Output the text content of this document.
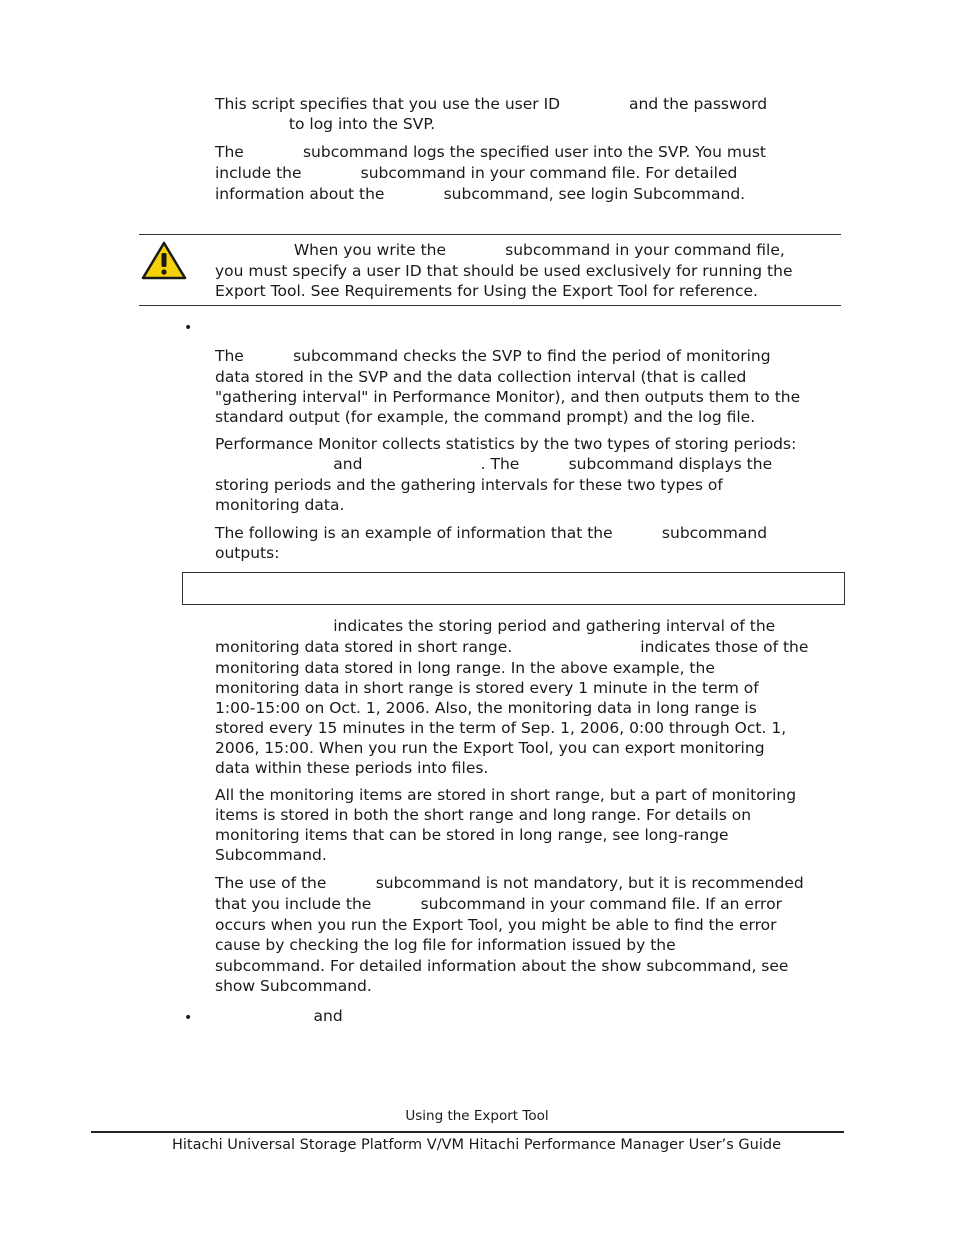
This script specifies that you use the user ID              and the password
to log into the SVP.
The            subcommand logs the specified user into the SVP. You must
include the            subcommand in your command file. For detailed
information about the            subcommand, see login Subcommand.
When you write the            subcommand in your command file,
you must specify a user ID that should be used exclusively for running the
Export Tool. See Requirements for Using the Export Tool for reference.
•
The          subcommand checks the SVP to find the period of monitoring
data stored in the SVP and the data collection interval (that is called
"gathering interval" in Performance Monitor), and then outputs them to the
standard output (for example, the command prompt) and the log file.
Performance Monitor collects statistics by the two types of storing periods:
and                        . The          subcommand displays the
storing periods and the gathering intervals for these two types of
monitoring data.
The following is an example of information that the          subcommand
outputs:
indicates the storing period and gathering interval of the
monitoring data stored in short range.                          indicates those of the
monitoring data stored in long range. In the above example, the
monitoring data in short range is stored every 1 minute in the term of
1:00-15:00 on Oct. 1, 2006. Also, the monitoring data in long range is
stored every 15 minutes in the term of Sep. 1, 2006, 0:00 through Oct. 1,
2006, 15:00. When you run the Export Tool, you can export monitoring
data within these periods into files.
All the monitoring items are stored in short range, but a part of monitoring
items is stored in both the short range and long range. For details on
monitoring items that can be stored in long range, see long-range
Subcommand.
The use of the          subcommand is not mandatory, but it is recommended
that you include the          subcommand in your command file. If an error
occurs when you run the Export Tool, you might be able to find the error
cause by checking the log file for information issued by the
subcommand. For detailed information about the show subcommand, see
show Subcommand.
• and
Using the Export Tool
Hitachi Universal Storage Platform V/VM Hitachi Performance Manager User’s Guide
